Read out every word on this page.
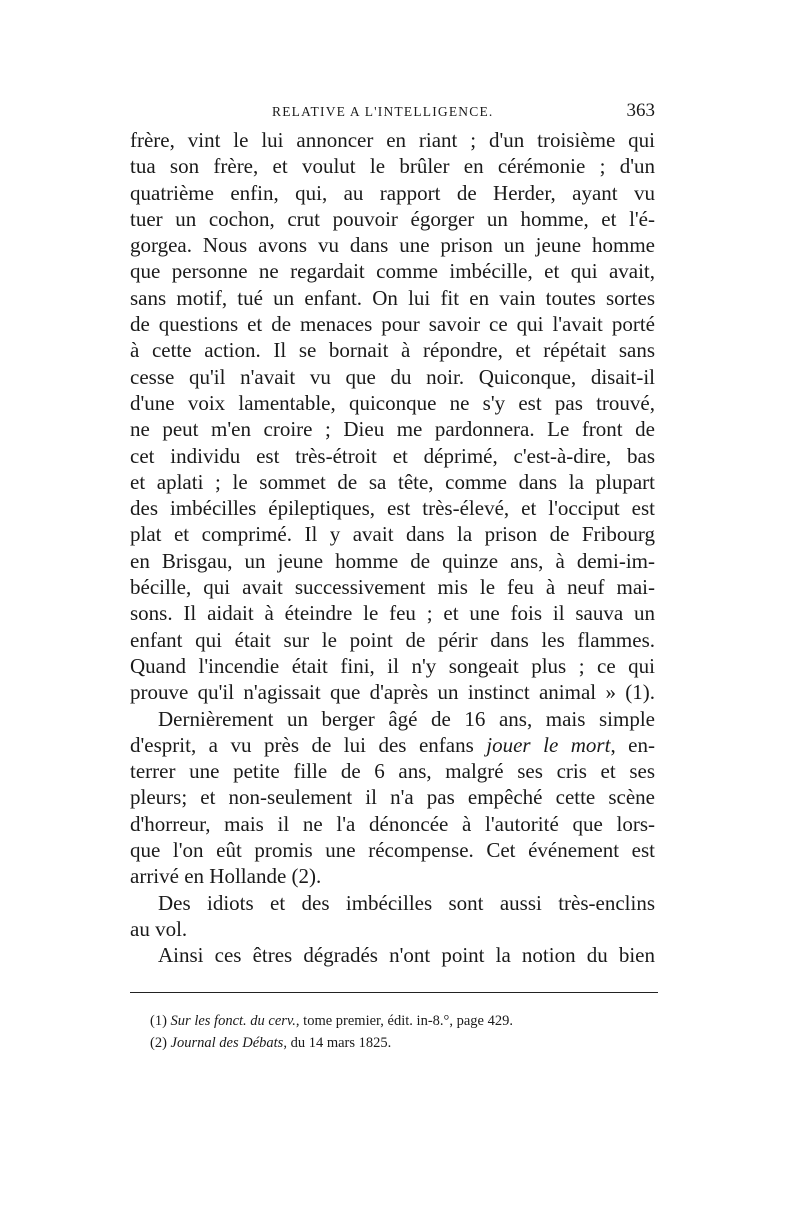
RELATIVE A L'INTELLIGENCE.	363
frère, vint le lui annoncer en riant ; d'un troisième qui
tua son frère, et voulut le brûler en cérémonie ; d'un
quatrième enfin, qui, au rapport de Herder, ayant vu
tuer un cochon, crut pouvoir égorger un homme, et l'é-
gorgea. Nous avons vu dans une prison un jeune homme
que personne ne regardait comme imbécille, et qui avait,
sans motif, tué un enfant. On lui fit en vain toutes sortes
de questions et de menaces pour savoir ce qui l'avait porté
à cette action. Il se bornait à répondre, et répétait sans
cesse qu'il n'avait vu que du noir. Quiconque, disait-il
d'une voix lamentable, quiconque ne s'y est pas trouvé,
ne peut m'en croire ; Dieu me pardonnera. Le front de
cet individu est très-étroit et déprimé, c'est-à-dire, bas
et aplati ; le sommet de sa tête, comme dans la plupart
des imbécilles épileptiques, est très-élevé, et l'occiput est
plat et comprimé. Il y avait dans la prison de Fribourg
en Brisgau, un jeune homme de quinze ans, à demi-im-
bécille, qui avait successivement mis le feu à neuf mai-
sons. Il aidait à éteindre le feu ; et une fois il sauva un
enfant qui était sur le point de périr dans les flammes.
Quand l'incendie était fini, il n'y songeait plus ; ce qui
prouve qu'il n'agissait que d'après un instinct animal » (1).
Dernièrement un berger âgé de 16 ans, mais simple
d'esprit, a vu près de lui des enfans jouer le mort, en-
terrer une petite fille de 6 ans, malgré ses cris et ses
pleurs; et non-seulement il n'a pas empêché cette scène
d'horreur, mais il ne l'a dénoncée à l'autorité que lors-
que l'on eût promis une récompense. Cet événement est
arrivé en Hollande (2).
Des idiots et des imbécilles sont aussi très-enclins
au vol.
Ainsi ces êtres dégradés n'ont point la notion du bien
(1) Sur les fonct. du cerv., tome premier, édit. in-8.°, page 429.
(2) Journal des Débats, du 14 mars 1825.
